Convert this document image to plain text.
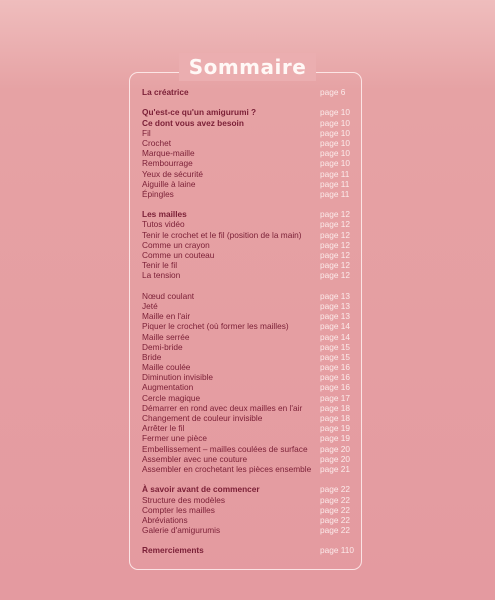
Sommaire
La créatrice	page 6
Qu'est-ce qu'un amigurumi ?	page 10
Ce dont vous avez besoin	page 10
Fil	page 10
Crochet	page 10
Marque-maille	page 10
Rembourrage	page 10
Yeux de sécurité	page 11
Aiguille à laine	page 11
Épingles	page 11
Les mailles	page 12
Tutos vidéo	page 12
Tenir le crochet et le fil (position de la main) page 12
Comme un crayon	page 12
Comme un couteau	page 12
Tenir le fil	page 12
La tension	page 12
Nœud coulant	page 13
Jeté	page 13
Maille en l'air	page 13
Piquer le crochet (où former les mailles)	page 14
Maille serrée	page 14
Demi-bride	page 15
Bride	page 15
Maille coulée	page 16
Diminution invisible	page 16
Augmentation	page 16
Cercle magique	page 17
Démarrer en rond avec deux mailles en l'air page 18
Changement de couleur invisible	page 18
Arrêter le fil	page 19
Fermer une pièce	page 19
Embellissement – mailles coulées de surface page 20
Assembler avec une couture	page 20
Assembler en crochetant les pièces ensemble page 21
À savoir avant de commencer	page 22
Structure des modèles	page 22
Compter les mailles	page 22
Abréviations	page 22
Galerie d'amigurumis	page 22
Remerciements	page 110
